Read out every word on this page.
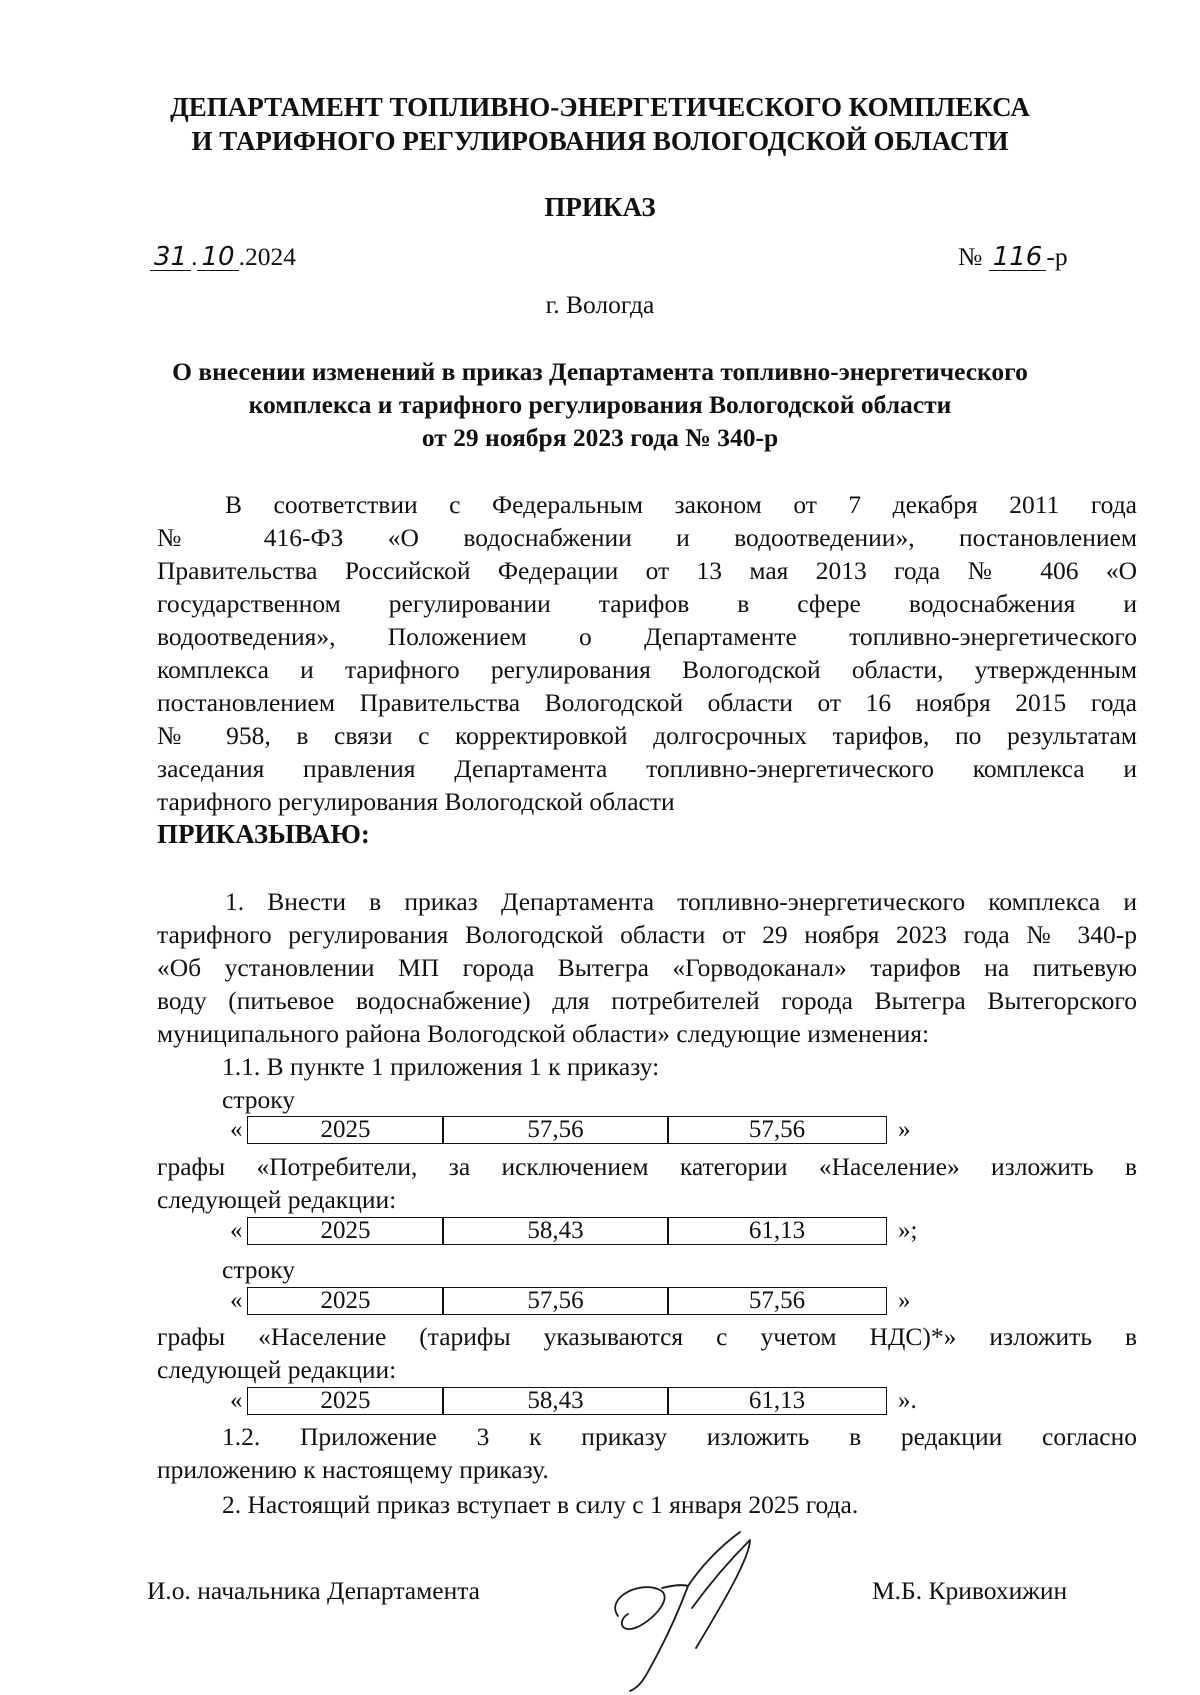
ДЕПАРТАМЕНТ ТОПЛИВНО-ЭНЕРГЕТИЧЕСКОГО КОМПЛЕКСА
И ТАРИФНОГО РЕГУЛИРОВАНИЯ ВОЛОГОДСКОЙ ОБЛАСТИ
ПРИКАЗ
31 . 10 .2024	№ 116 -р
г. Вологда
О внесении изменений в приказ Департамента топливно-энергетического
комплекса и тарифного регулирования Вологодской области
от 29 ноября 2023 года № 340-р
В соответствии с Федеральным законом от 7 декабря 2011 года
№ 416-ФЗ «О водоснабжении и водоотведении», постановлением
Правительства Российской Федерации от 13 мая 2013 года № 406 «О
государственном регулировании тарифов в сфере водоснабжения и
водоотведения», Положением о Департаменте топливно-энергетического
комплекса и тарифного регулирования Вологодской области, утвержденным
постановлением Правительства Вологодской области от 16 ноября 2015 года
№ 958, в связи с корректировкой долгосрочных тарифов, по результатам
заседания правления Департамента топливно-энергетического комплекса и
тарифного регулирования Вологодской области
ПРИКАЗЫВАЮ:
1. Внести в приказ Департамента топливно-энергетического комплекса и
тарифного регулирования Вологодской области от 29 ноября 2023 года № 340-р
«Об установлении МП города Вытегра «Горводоканал» тарифов на питьевую
воду (питьевое водоснабжение) для потребителей города Вытегра Вытегорского
муниципального района Вологодской области» следующие изменения:
1.1. В пункте 1 приложения 1 к приказу:
строку
«	2025	57,56	57,56	»
графы «Потребители, за исключением категории «Население» изложить в
следующей редакции:
«	2025	58,43	61,13	»;
строку
«	2025	57,56	57,56	»
графы «Население (тарифы указываются с учетом НДС)*» изложить в
следующей редакции:
«	2025	58,43	61,13	».
1.2. Приложение 3 к приказу изложить в редакции согласно
приложению к настоящему приказу.
2. Настоящий приказ вступает в силу с 1 января 2025 года.
И.о. начальника Департамента	М.Б. Кривохижин
